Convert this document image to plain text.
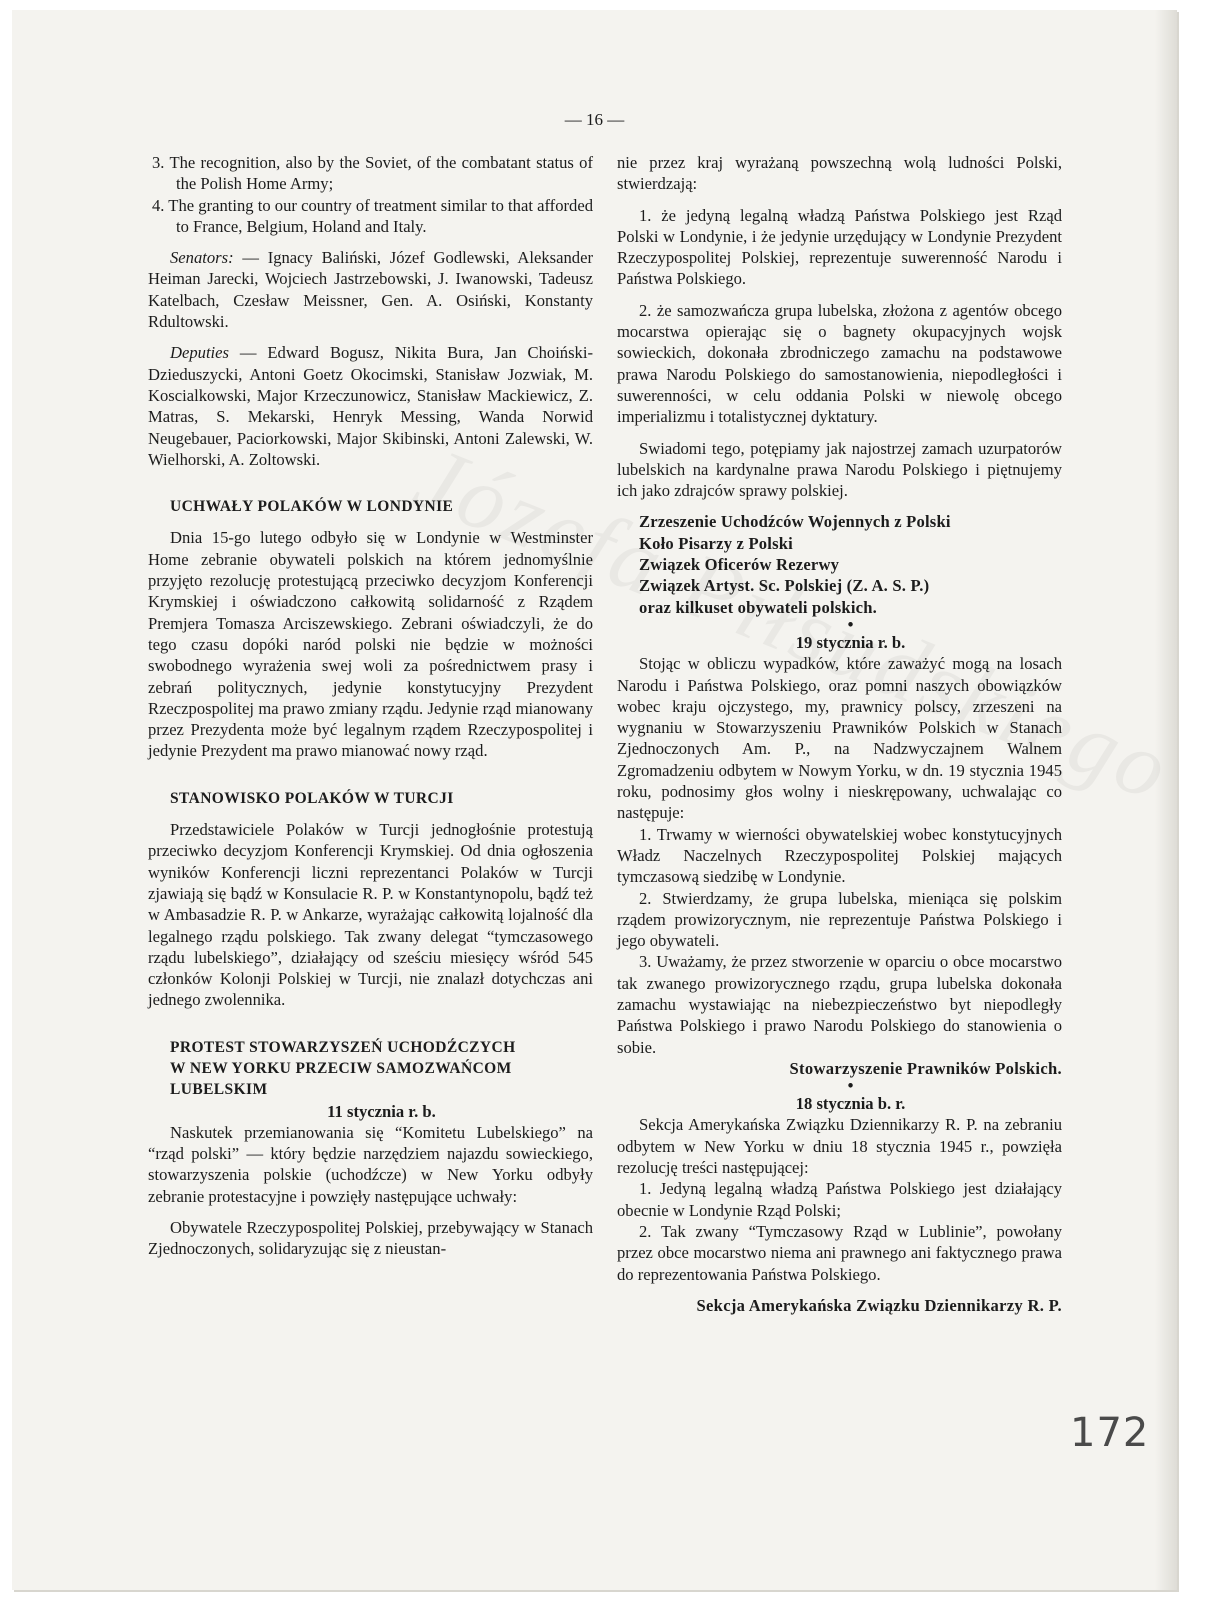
— 16 —

3. The recognition, also by the Soviet, of the combatant status of the Polish Home Army;

4. The granting to our country of treatment similar to that afforded to France, Belgium, Holand and Italy.

Senators: — Ignacy Baliński, Józef Godlewski, Aleksander Heiman Jarecki, Wojciech Jastrzebowski, J. Iwanowski, Tadeusz Katelbach, Czesław Meissner, Gen. A. Osiński, Konstanty Rdultowski.

Deputies — Edward Bogusz, Nikita Bura, Jan Choiński-Dzieduszycki, Antoni Goetz Okocimski, Stanisław Jozwiak, M. Koscialkowski, Major Krzeczunowicz, Stanisław Mackiewicz, Z. Matras, S. Mekarski, Henryk Messing, Wanda Norwid Neugebauer, Paciorkowski, Major Skibinski, Antoni Zalewski, W. Wielhorski, A. Zoltowski.

UCHWAŁY POLAKÓW W LONDYNIE

Dnia 15-go lutego odbyło się w Londynie w Westminster Home zebranie obywateli polskich na którem jednomyślnie przyjęto rezolucję protestującą przeciwko decyzjom Konferencji Krymskiej i oświadczono całkowitą solidarność z Rządem Premjera Tomasza Arciszewskiego. Zebrani oświadczyli, że do tego czasu dopóki naród polski nie będzie w możności swobodnego wyrażenia swej woli za pośrednictwem prasy i zebrań politycznych, jedynie konstytucyjny Prezydent Rzeczpospolitej ma prawo zmiany rządu. Jedynie rząd mianowany przez Prezydenta może być legalnym rządem Rzeczypospolitej i jedynie Prezydent ma prawo mianować nowy rząd.

STANOWISKO POLAKÓW W TURCJI

Przedstawiciele Polaków w Turcji jednogłośnie protestują przeciwko decyzjom Konferencji Krymskiej. Od dnia ogłoszenia wyników Konferencji liczni reprezentanci Polaków w Turcji zjawiają się bądź w Konsulacie R. P. w Konstantynopolu, bądź też w Ambasadzie R. P. w Ankarze, wyrażając całkowitą lojalność dla legalnego rządu polskiego. Tak zwany delegat “tymczasowego rządu lubelskiego”, działający od sześciu miesięcy wśród 545 członków Kolonji Polskiej w Turcji, nie znalazł dotychczas ani jednego zwolennika.

PROTEST STOWARZYSZEŃ UCHODŹCZYCH

W NEW YORKU PRZECIW SAMOZWAŃCOM

LUBELSKIM

11 stycznia r. b.

Naskutek przemianowania się “Komitetu Lubelskiego” na “rząd polski” — który będzie narzędziem najazdu sowieckiego, stowarzyszenia polskie (uchodźcze) w New Yorku odbyły zebranie protestacyjne i powzięły następujące uchwały:

Obywatele Rzeczypospolitej Polskiej, przebywający w Stanach Zjednoczonych, solidaryzując się z nieustan-

nie przez kraj wyrażaną powszechną wolą ludności Polski, stwierdzają:

1. że jedyną legalną władzą Państwa Polskiego jest Rząd Polski w Londynie, i że jedynie urzędujący w Londynie Prezydent Rzeczypospolitej Polskiej, reprezentuje suwerenność Narodu i Państwa Polskiego.

2. że samozwańcza grupa lubelska, złożona z agentów obcego mocarstwa opierając się o bagnety okupacyjnych wojsk sowieckich, dokonała zbrodniczego zamachu na podstawowe prawa Narodu Polskiego do samostanowienia, niepodległości i suwerenności, w celu oddania Polski w niewolę obcego imperializmu i totalistycznej dyktatury.

Swiadomi tego, potępiamy jak najostrzej zamach uzurpatorów lubelskich na kardynalne prawa Narodu Polskiego i piętnujemy ich jako zdrajców sprawy polskiej.

Zrzeszenie Uchodźców Wojennych z Polski

Koło Pisarzy z Polski

Związek Oficerów Rezerwy

Związek Artyst. Sc. Polskiej (Z. A. S. P.)

oraz kilkuset obywateli polskich.

•

19 stycznia r. b.

Stojąc w obliczu wypadków, które zaważyć mogą na losach Narodu i Państwa Polskiego, oraz pomni naszych obowiązków wobec kraju ojczystego, my, prawnicy polscy, zrzeszeni na wygnaniu w Stowarzyszeniu Prawników Polskich w Stanach Zjednoczonych Am. P., na Nadzwyczajnem Walnem Zgromadzeniu odbytem w Nowym Yorku, w dn. 19 stycznia 1945 roku, podnosimy głos wolny i nieskrępowany, uchwalając co następuje:

1. Trwamy w wierności obywatelskiej wobec konstytucyjnych Władz Naczelnych Rzeczypospolitej Polskiej mających tymczasową siedzibę w Londynie.

2. Stwierdzamy, że grupa lubelska, mieniąca się polskim rządem prowizorycznym, nie reprezentuje Państwa Polskiego i jego obywateli.

3. Uważamy, że przez stworzenie w oparciu o obce mocarstwo tak zwanego prowizorycznego rządu, grupa lubelska dokonała zamachu wystawiając na niebezpieczeństwo byt niepodległy Państwa Polskiego i prawo Narodu Polskiego do stanowienia o sobie.

Stowarzyszenie Prawników Polskich.

•

18 stycznia b. r.

Sekcja Amerykańska Związku Dziennikarzy R. P. na zebraniu odbytem w New Yorku w dniu 18 stycznia 1945 r., powzięła rezolucję treści następującej:

1. Jedyną legalną władzą Państwa Polskiego jest działający obecnie w Londynie Rząd Polski;

2. Tak zwany “Tymczasowy Rząd w Lublinie”, powołany przez obce mocarstwo niema ani prawnego ani faktycznego prawa do reprezentowania Państwa Polskiego.

Sekcja Amerykańska Związku Dziennikarzy R. P.

172
